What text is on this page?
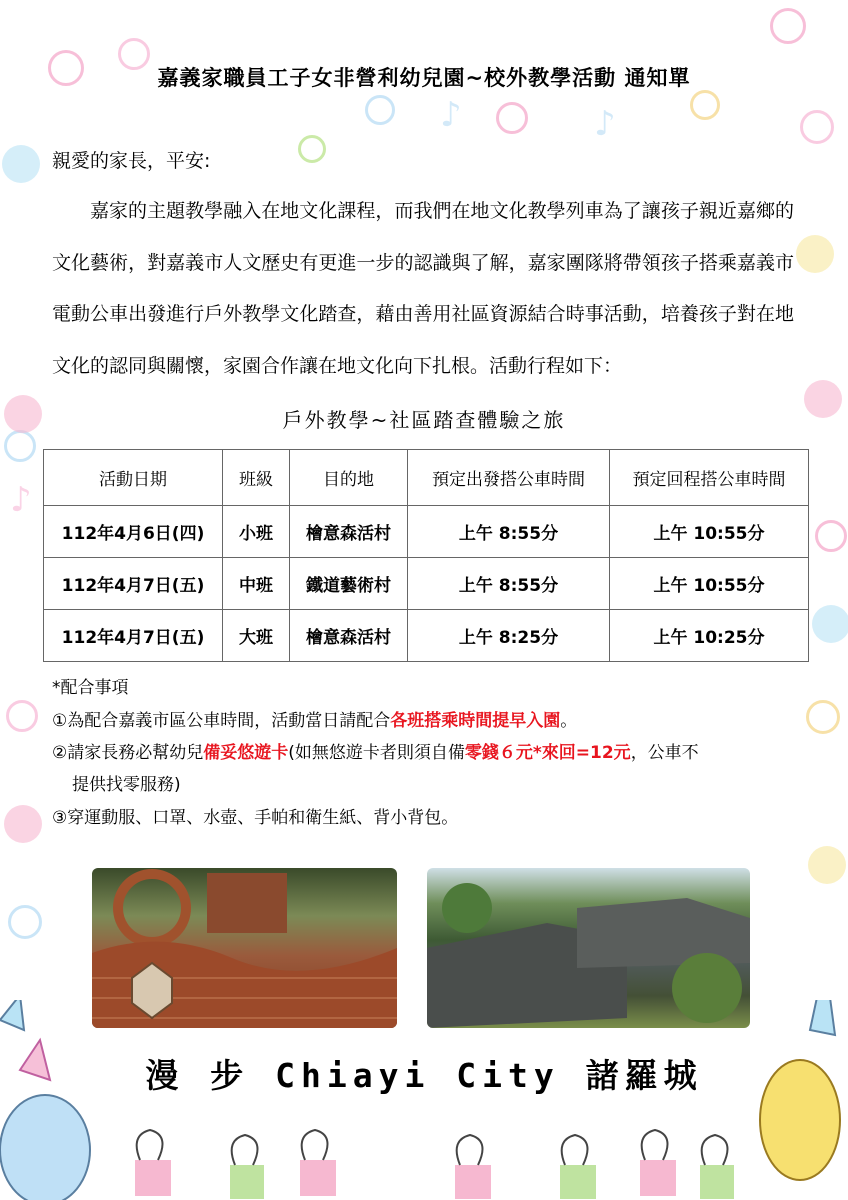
♪	♪
♪
嘉義家職員工子女非營利幼兒園~校外教學活動 通知單
親愛的家長，平安:
嘉家的主題教學融入在地文化課程，而我們在地文化教學列車為了讓孩子親近嘉鄉的文化藝術，對嘉義市人文歷史有更進一步的認識與了解，嘉家團隊將帶領孩子搭乘嘉義市電動公車出發進行戶外教學文化踏查，藉由善用社區資源結合時事活動，培養孩子對在地文化的認同與關懷，家園合作讓在地文化向下扎根。活動行程如下：
戶外教學~社區踏查體驗之旅
活動日期	班級	目的地	預定出發搭公車時間	預定回程搭公車時間
112年4月6日(四)	小班	檜意森活村	上午 8:55分	上午 10:55分
112年4月7日(五)	中班	鐵道藝術村	上午 8:55分	上午 10:55分
112年4月7日(五)	大班	檜意森活村	上午 8:25分	上午 10:25分
*配合事項
①為配合嘉義市區公車時間，活動當日請配合各班搭乘時間提早入園。
②請家長務必幫幼兒備妥悠遊卡(如無悠遊卡者則須自備零錢６元*來回=12元，公車不
提供找零服務)
③穿運動服、口罩、水壺、手帕和衛生紙、背小背包。
漫 步 Chiayi City 諸羅城
